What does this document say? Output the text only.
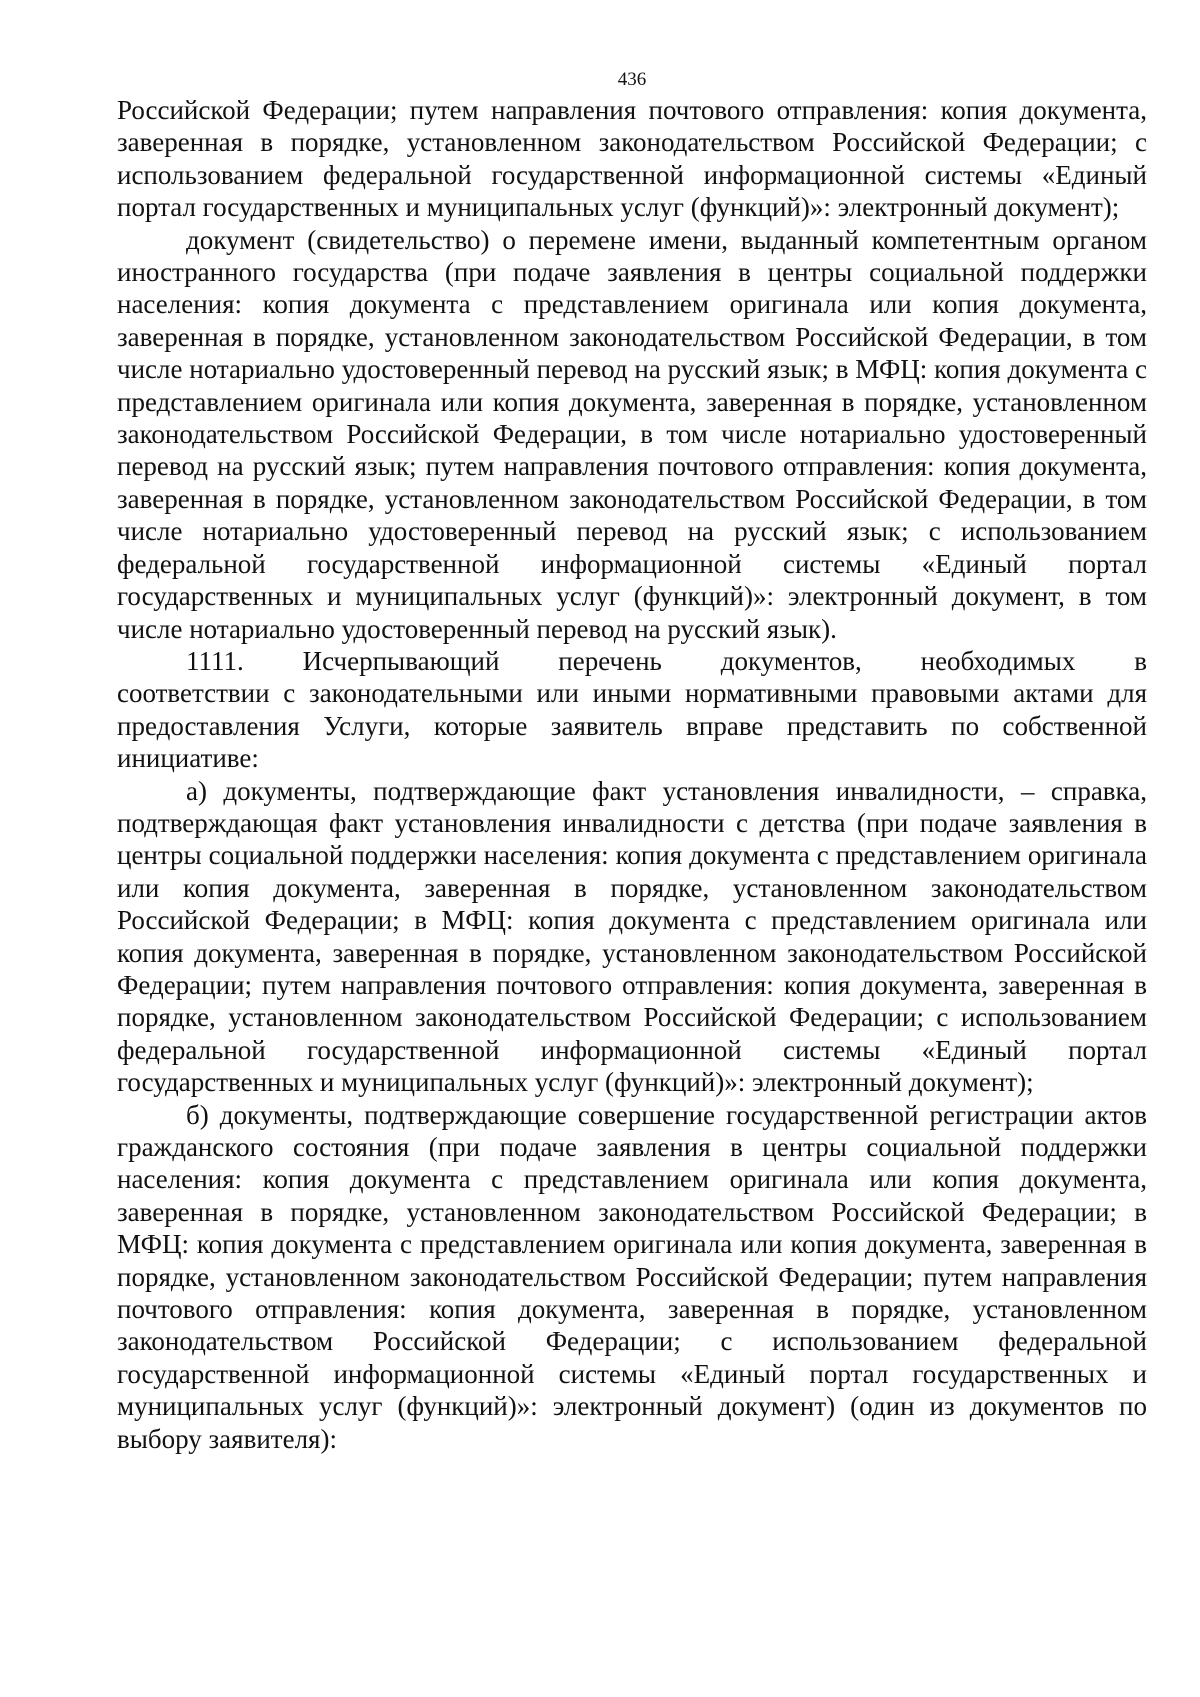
436

Российской Федерации; путем направления почтового отправления: копия документа, заверенная в порядке, установленном законодательством Российской Федерации; с использованием федеральной государственной информационной системы «Единый портал государственных и муниципальных услуг (функций)»: электронный документ);

документ (свидетельство) о перемене имени, выданный компетентным органом иностранного государства (при подаче заявления в центры социальной поддержки населения: копия документа с представлением оригинала или копия документа, заверенная в порядке, установленном законодательством Российской Федерации, в том числе нотариально удостоверенный перевод на русский язык; в МФЦ: копия документа с представлением оригинала или копия документа, заверенная в порядке, установленном законодательством Российской Федерации, в том числе нотариально удостоверенный перевод на русский язык; путем направления почтового отправления: копия документа, заверенная в порядке, установленном законодательством Российской Федерации, в том числе нотариально удостоверенный перевод на русский язык; с использованием федеральной государственной информационной системы «Единый портал государственных и муниципальных услуг (функций)»: электронный документ, в том числе нотариально удостоверенный перевод на русский язык).

1111. Исчерпывающий перечень документов, необходимых в

соответствии с законодательными или иными нормативными правовыми актами для предоставления Услуги, которые заявитель вправе представить по собственной инициативе:

а) документы, подтверждающие факт установления инвалидности, – справка, подтверждающая факт установления инвалидности с детства (при подаче заявления в центры социальной поддержки населения: копия документа с представлением оригинала или копия документа, заверенная в порядке, установленном законодательством Российской Федерации; в МФЦ: копия документа с представлением оригинала или копия документа, заверенная в порядке, установленном законодательством Российской Федерации; путем направления почтового отправления: копия документа, заверенная в порядке, установленном законодательством Российской Федерации; с использованием федеральной государственной информационной системы «Единый портал государственных и муниципальных услуг (функций)»: электронный документ);

б) документы, подтверждающие совершение государственной регистрации актов гражданского состояния (при подаче заявления в центры социальной поддержки населения: копия документа с представлением оригинала или копия документа, заверенная в порядке, установленном законодательством Российской Федерации; в МФЦ: копия документа с представлением оригинала или копия документа, заверенная в порядке, установленном законодательством Российской Федерации; путем направления почтового отправления: копия документа, заверенная в порядке, установленном законодательством Российской Федерации; с использованием федеральной государственной информационной системы «Единый портал государственных и муниципальных услуг (функций)»: электронный документ) (один из документов по выбору заявителя):
